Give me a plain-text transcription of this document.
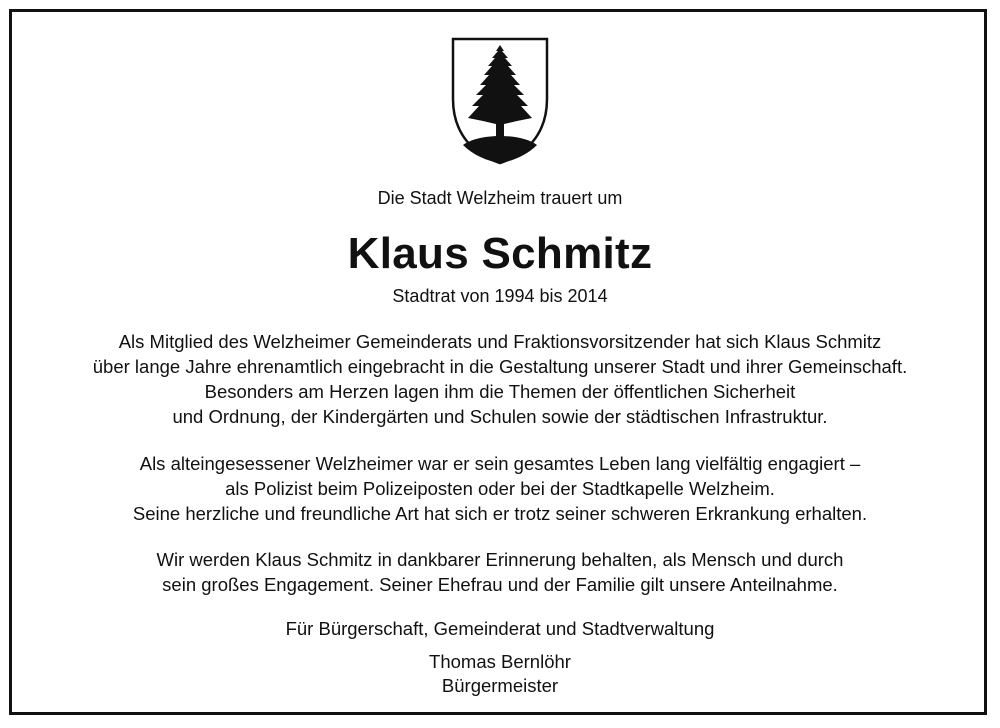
Die Stadt Welzheim trauert um

Klaus Schmitz

Stadtrat von 1994 bis 2014

Als Mitglied des Welzheimer Gemeinderats und Fraktionsvorsitzender hat sich Klaus Schmitz
über lange Jahre ehrenamtlich eingebracht in die Gestaltung unserer Stadt und ihrer Gemeinschaft.
Besonders am Herzen lagen ihm die Themen der öffentlichen Sicherheit
und Ordnung, der Kindergärten und Schulen sowie der städtischen Infrastruktur.
Als alteingesessener Welzheimer war er sein gesamtes Leben lang vielfältig engagiert –
als Polizist beim Polizeiposten oder bei der Stadtkapelle Welzheim.
Seine herzliche und freundliche Art hat sich er trotz seiner schweren Erkrankung erhalten.
Wir werden Klaus Schmitz in dankbarer Erinnerung behalten, als Mensch und durch
sein großes Engagement. Seiner Ehefrau und der Familie gilt unsere Anteilnahme.

Für Bürgerschaft, Gemeinderat und Stadtverwaltung

Thomas Bernlöhr
Bürgermeister
